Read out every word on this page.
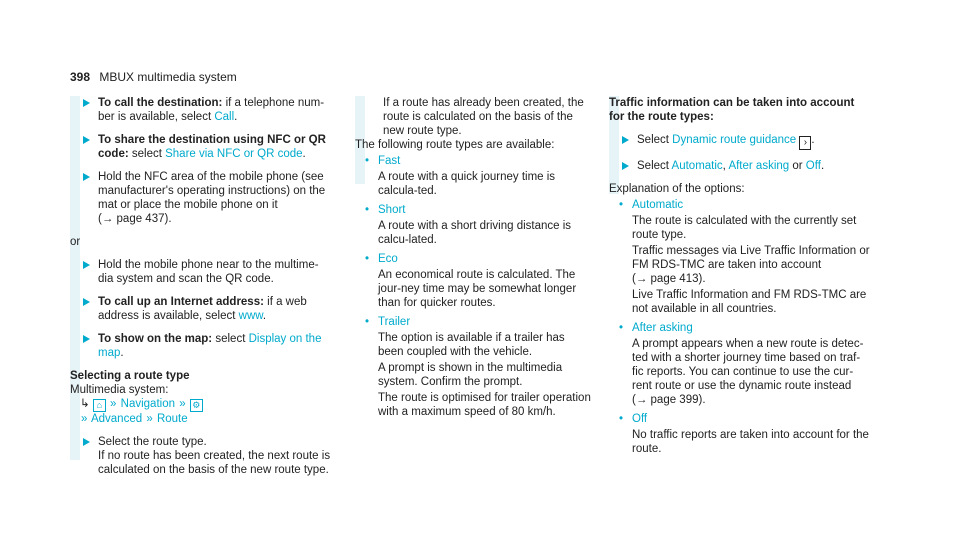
398 MBUX multimedia system
To call the destination: if a telephone num-ber is available, select Call.
To share the destination using NFC or QR code: select Share via NFC or QR code.

Hold the NFC area of the mobile phone (see manufacturer's operating instructions) on the mat or place the mobile phone on it

(→ page 437).

or

Hold the mobile phone near to the multime-dia system and scan the QR code.
To call up an Internet address: if a web address is available, select www.
To show on the map: select Display on the map.

Selecting a route type

Multimedia system:

↳ ⌂ » Navigation » ⚙

» Advanced » Route

Select the route type.

If no route has been created, the next route is calculated on the basis of the new route type.

If a route has already been created, the route is calculated on the basis of the new route type.

The following route types are available:

• Fast

A route with a quick journey time is calcula-ted.

• Short

A route with a short driving distance is calcu-lated.

• Eco

An economical route is calculated. The jour-ney time may be somewhat longer than for quicker routes.

• Trailer

The option is available if a trailer has been coupled with the vehicle.

A prompt is shown in the multimedia system. Confirm the prompt.

The route is optimised for trailer operation with a maximum speed of 80 km/h.

Traffic information can be taken into account for the route types:

Select Dynamic route guidance › .
Select Automatic, After asking or Off.

Explanation of the options:

• Automatic

The route is calculated with the currently set route type.

Traffic messages via Live Traffic Information or FM RDS-TMC are taken into account

(→ page 413).

Live Traffic Information and FM RDS-TMC are not available in all countries.

• After asking

A prompt appears when a new route is detec-ted with a shorter journey time based on traf-fic reports. You can continue to use the cur-rent route or use the dynamic route instead

(→ page 399).

• Off

No traffic reports are taken into account for the route.
